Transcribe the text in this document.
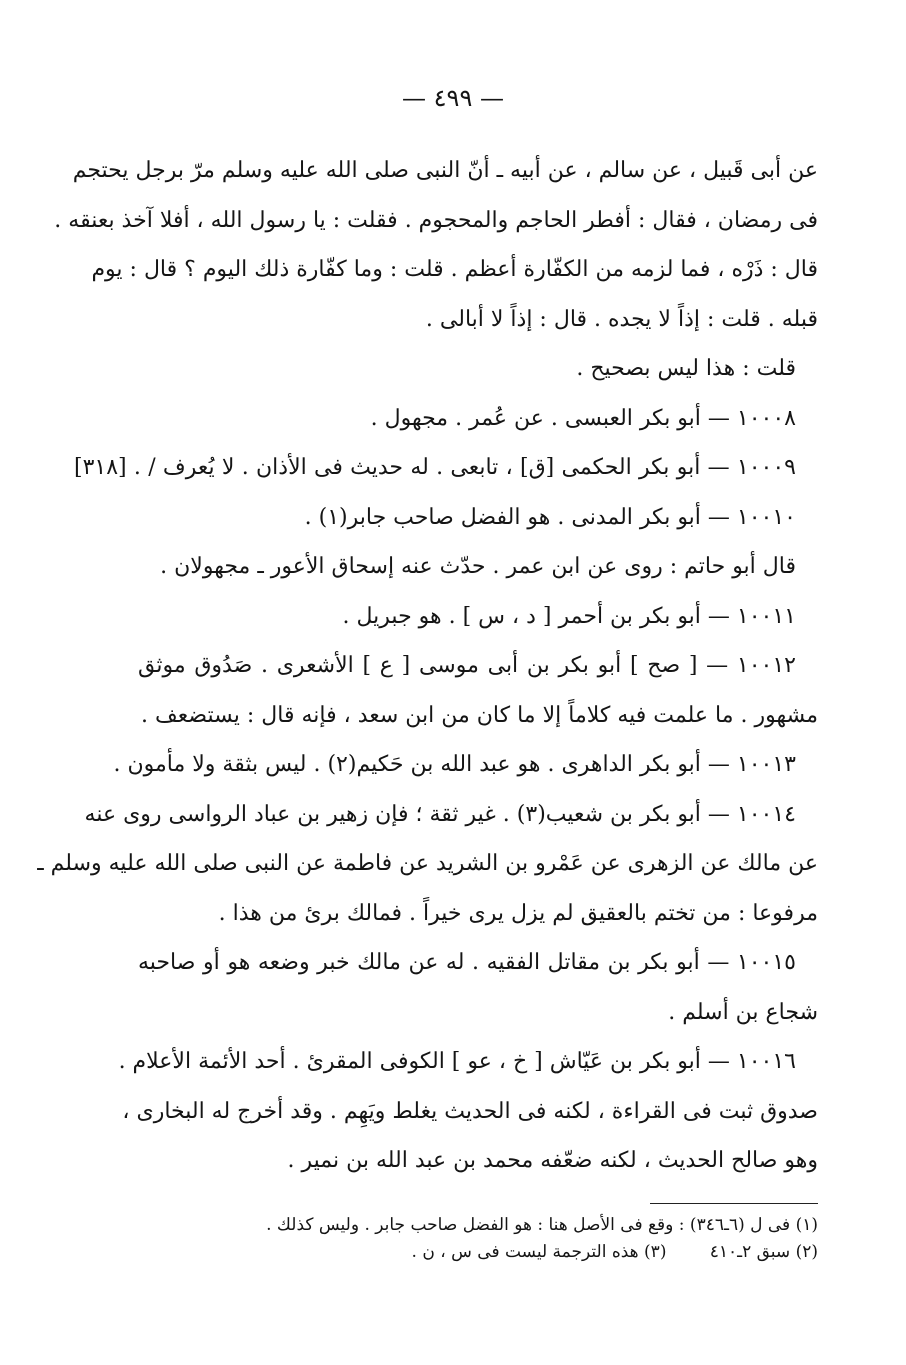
— ٤٩٩ —
عن أبى قَبيل ، عن سالم ، عن أبيه ـ أنّ النبى صلى الله عليه وسلم مرّ برجل يحتجم
فى رمضان ، فقال : أفطر الحاجم والمحجوم . فقلت : يا رسول الله ، أفلا آخذ بعنقه .
قال : ذَرْه ، فما لزمه من الكفّارة أعظم . قلت : وما كفّارة ذلك اليوم ؟ قال : يوم
قبله . قلت : إذاً لا يجده . قال : إذاً لا أبالى .
قلت : هذا ليس بصحيح .
١٠٠٠٨ — أبو بكر العبسى . عن عُمر . مجهول .
١٠٠٠٩ — أبو بكر الحكمى [ق] ، تابعى . له حديث فى الأذان . لا يُعرف / . [٣١٨]
١٠٠١٠ — أبو بكر المدنى . هو الفضل صاحب جابر(١) .
قال أبو حاتم : روى عن ابن عمر . حدّث عنه إسحاق الأعور ـ مجهولان .
١٠٠١١ — أبو بكر بن أحمر [ د ، س ] . هو جبريل .
١٠٠١٢ — [ صح ] أبو بكر بن أبى موسى [ ع ] الأشعرى . صَدُوق موثق
مشهور . ما علمت فيه كلاماً إلا ما كان من ابن سعد ، فإنه قال : يستضعف .
١٠٠١٣ — أبو بكر الداهرى . هو عبد الله بن حَكيم(٢) . ليس بثقة ولا مأمون .
١٠٠١٤ — أبو بكر بن شعيب(٣) . غير ثقة ؛ فإن زهير بن عباد الرواسى روى عنه
عن مالك عن الزهرى عن عَمْرو بن الشريد عن فاطمة عن النبى صلى الله عليه وسلم ـ
مرفوعا : من تختم بالعقيق لم يزل يرى خيراً . فمالك برئ من هذا .
١٠٠١٥ — أبو بكر بن مقاتل الفقيه . له عن مالك خبر وضعه هو أو صاحبه
شجاع بن أسلم .
١٠٠١٦ — أبو بكر بن عَيّاش [ خ ، عو ] الكوفى المقرئ . أحد الأئمة الأعلام .
صدوق ثبت فى القراءة ، لكنه فى الحديث يغلط ويَهِم . وقد أخرج له البخارى ،
وهو صالح الحديث ، لكنه ضعّفه محمد بن عبد الله بن نمير .
(١) فى ل (٦ـ٣٤٦) : وقع فى الأصل هنا : هو الفضل صاحب جابر . وليس كذلك .
(٢) سبق ٢ـ٤١٠        (٣) هذه الترجمة ليست فى س ، ن .
